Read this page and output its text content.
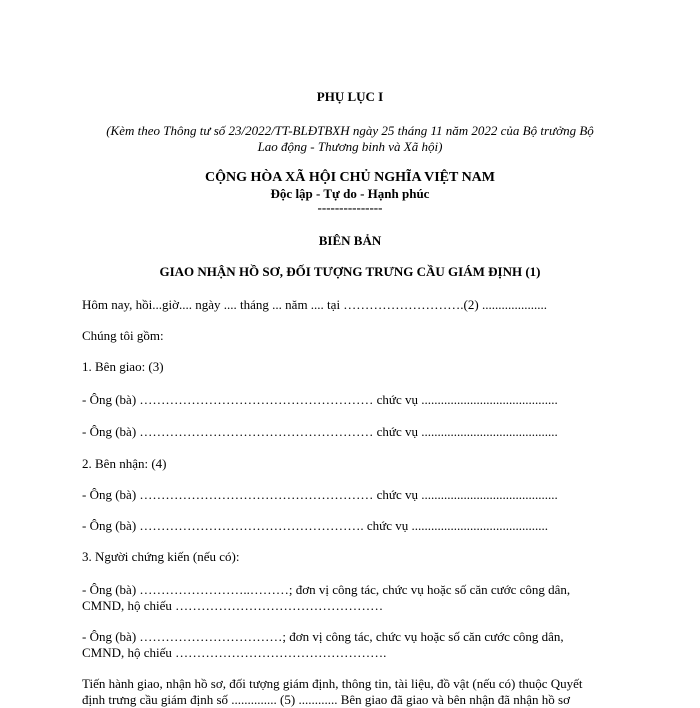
PHỤ LỤC I
(Kèm theo Thông tư số 23/2022/TT-BLĐTBXH ngày 25 tháng 11 năm 2022 của Bộ trưởng Bộ
Lao động - Thương binh và Xã hội)
CỘNG HÒA XÃ HỘI CHỦ NGHĨA VIỆT NAM
Độc lập - Tự do - Hạnh phúc
---------------
BIÊN BẢN
GIAO NHẬN HỒ SƠ, ĐỐI TƯỢNG TRƯNG CẦU GIÁM ĐỊNH (1)
Hôm nay, hồi...giờ.... ngày .... tháng ... năm .... tại ……………………….(2) ....................
Chúng tôi gồm:
1. Bên giao: (3)
- Ông (bà) ……………………………………………… chức vụ ..........................................
- Ông (bà) ……………………………………………… chức vụ ..........................................
2. Bên nhận: (4)
- Ông (bà) ……………………………………………… chức vụ ..........................................
- Ông (bà) ……………………………………………. chức vụ ..........................................
3. Người chứng kiến (nếu có):
- Ông (bà) ……………………..………; đơn vị công tác, chức vụ hoặc số căn cước công dân,
CMND, hộ chiếu …………………………………………
- Ông (bà) ……………………………; đơn vị công tác, chức vụ hoặc số căn cước công dân,
CMND, hộ chiếu ………………………………………….
Tiến hành giao, nhận hồ sơ, đối tượng giám định, thông tin, tài liệu, đồ vật (nếu có) thuộc Quyết
định trưng cầu giám định số .............. (5) ............ Bên giao đã giao và bên nhận đã nhận hồ sơ
